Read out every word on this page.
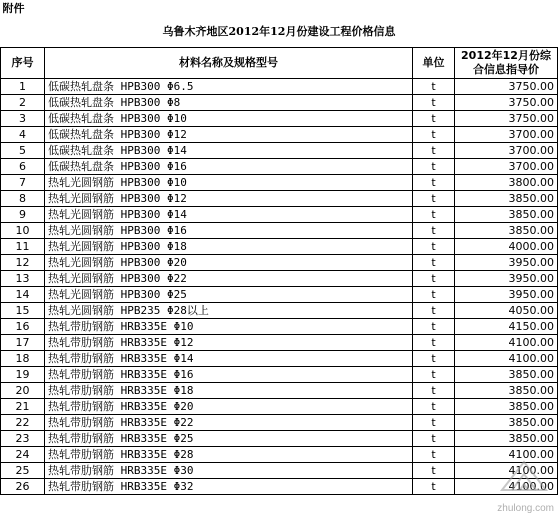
附件			
乌鲁木齐地区2012年12月份建设工程价格信息			
序号	材料名称及规格型号	单位	2012年12月份综合信息指导价
1	低碳热轧盘条 HPB300 Φ6.5	t	3750.00
2	低碳热轧盘条 HPB300 Φ8	t	3750.00
3	低碳热轧盘条 HPB300 Φ10	t	3750.00
4	低碳热轧盘条 HPB300 Φ12	t	3700.00
5	低碳热轧盘条 HPB300 Φ14	t	3700.00
6	低碳热轧盘条 HPB300 Φ16	t	3700.00
7	热轧光圆钢筋 HPB300 Φ10	t	3800.00
8	热轧光圆钢筋 HPB300 Φ12	t	3850.00
9	热轧光圆钢筋 HPB300 Φ14	t	3850.00
10	热轧光圆钢筋 HPB300 Φ16	t	3850.00
11	热轧光圆钢筋 HPB300 Φ18	t	4000.00
12	热轧光圆钢筋 HPB300 Φ20	t	3950.00
13	热轧光圆钢筋 HPB300 Φ22	t	3950.00
14	热轧光圆钢筋 HPB300 Φ25	t	3950.00
15	热轧光圆钢筋 HPB235 Φ28以上	t	4050.00
16	热轧带肋钢筋 HRB335E Φ10	t	4150.00
17	热轧带肋钢筋 HRB335E Φ12	t	4100.00
18	热轧带肋钢筋 HRB335E Φ14	t	4100.00
19	热轧带肋钢筋 HRB335E Φ16	t	3850.00
20	热轧带肋钢筋 HRB335E Φ18	t	3850.00
21	热轧带肋钢筋 HRB335E Φ20	t	3850.00
22	热轧带肋钢筋 HRB335E Φ22	t	3850.00
23	热轧带肋钢筋 HRB335E Φ25	t	3850.00
24	热轧带肋钢筋 HRB335E Φ28	t	4100.00
25	热轧带肋钢筋 HRB335E Φ30	t	4100.00
26	热轧带肋钢筋 HRB335E Φ32	t	4100.00
zhulong.com
